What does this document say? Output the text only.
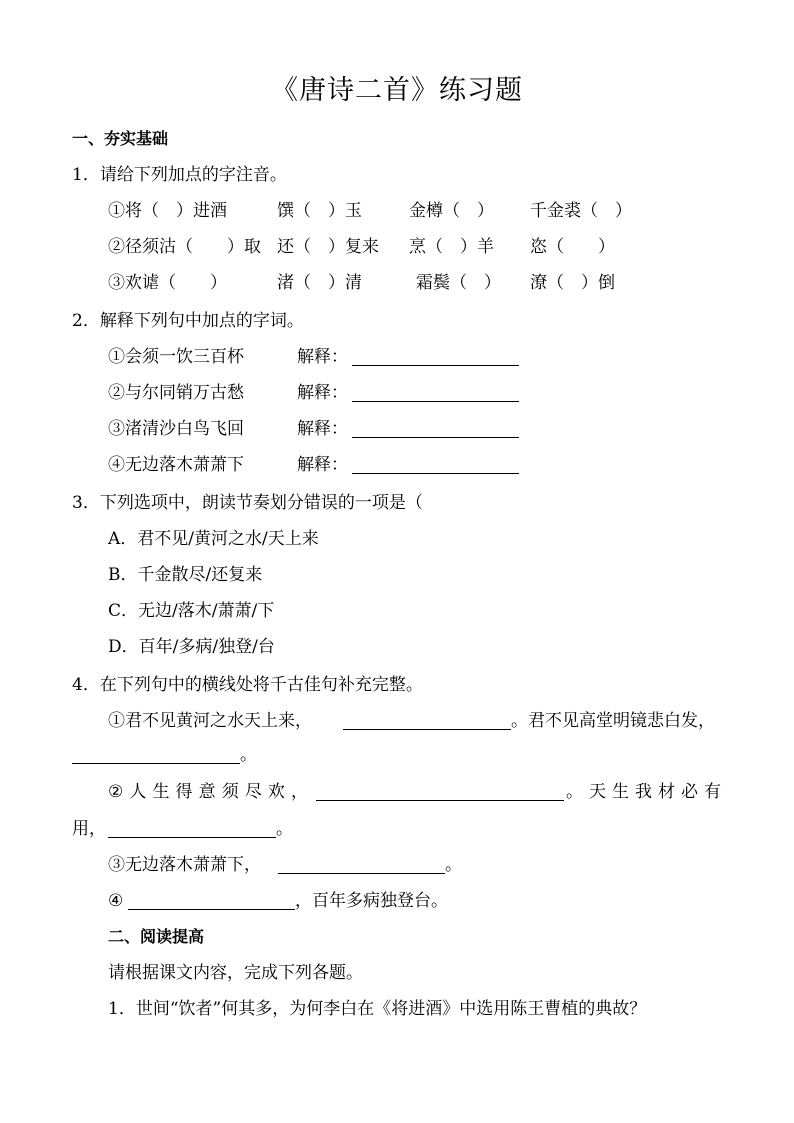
《唐诗二首》练习题
一、夯实基础
1．请给下列加点的字注音。
①将（　）进酒	馔（　）玉	金樽（　） 千金裘（　）
②径须沽（　　）取 还（　）复来 烹（　）羊 恣（　　）
③欢谑（　　）	渚（　）清	霜鬓（　） 潦（　）倒
2．解释下列句中加点的字词。
①会须一饮三百杯	解释：
②与尔同销万古愁	解释：
③渚清沙白鸟飞回	解释：
④无边落木萧萧下	解释：
3．下列选项中，朗读节奏划分错误的一项是（
A．君不见/黄河之水/天上来
B．千金散尽/还复来
C．无边/落木/萧萧/下
D．百年/多病/独登/台
4．在下列句中的横线处将千古佳句补充完整。
①君不见黄河之水天上来，	。君不见高堂明镜悲白发，
。
② 人 生 得 意 须 尽 欢 ，	。 天 生 我 材 必 有
用，	。
③无边落木萧萧下，	。
④	，百年多病独登台。
二、阅读提高
请根据课文内容，完成下列各题。
1．世间“饮者”何其多，为何李白在《将进酒》中选用陈王曹植的典故？
